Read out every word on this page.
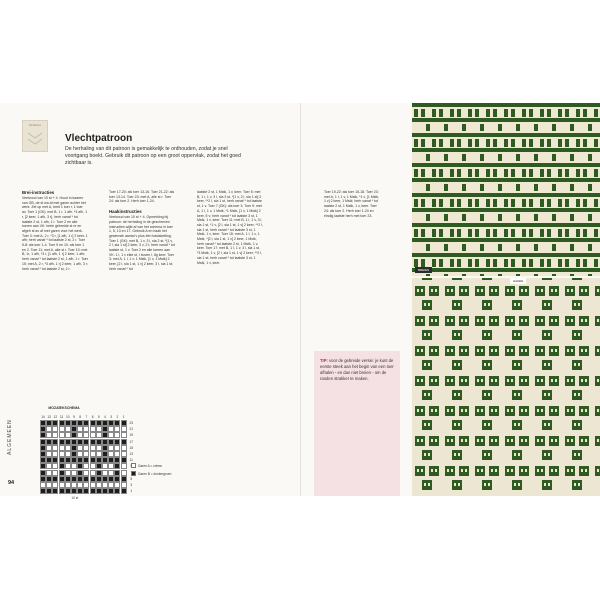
NIVEAU
Vlechtpatroon
De herhaling van dit patroon is gemakkelijk te onthouden, zodat je snel voortgang boekt. Gebruik dit patroon op een groot oppervlak, zodat het goed zichtbaar is.
Brei-instructies

Veelvoud van 10 st + 4. Houd in kaaren van GB, de st wa af met garen achter het werk. Zet op met A, breit 1 toer r, 1 toer av. Toer 1 (GK): met B, 1 r, 1 afh, *3 afh, 1 r, [2 keer, 1 afh, 3 r], herh vanaf * tot laatste 2 st, 1 afh, 1 r. Toer 2 en alle toeren aan VK: breie gebreide st re en afgeh st av af met garen voor het werk. Toer 3: met A, 2 r, *3 r, [1 afh, 1 r] 2 keer, 1 afh; herh vanaf * tot laatste 2 st, 2 r. Toer 5-8: als toer 1-4. Toer 9 en 10: als toer 1 en 2. Toer 11: met A, alle st r. Toer 13: met B, 1r, 1 afh, *3 r, [1 afh, 1 r] 2 keer, 1 afh; herh vanaf * tot laatste 2 st, 1 afh, 1 r. Toer 15: met A, 2 r, *3 afh, 1 r] 2 keer, 1 afh, 3 r; herh vanaf * tot laatste 2 st, 2 r.

Toer 17-20: als toer 13-16. Toer 21-22: als toer 13-14. Toer 23: met A, alle st r. Toer 24: als toer 2. Herh toer 1-24.

Haakinstructies

Veelvoud van 10 st + 4. Opmerking bij patroon: de herhaling in de geschreven instructies wijkt af van het schema in toer 1, 5, 13 en 17. Gebruik A en haak het gewenste aantal v plus één basisketting. Toer 1 (GK): met B, 1 v, 3 l, sla 2 st, *[1 v, 2 l, sla 1 st] 2 keer, 3 v, 2 l; herh vanaf * tot laatste st, 1 v. Toer 2 en alle toeren aan VK: 1 l, 1 v elke st, l boven l, 8g keer. Toer 3: met A, 1 l, 1 v, 1 Mstk, [1 v, 1 Mstk] 2 keer, [2 l, sla 1 st, 1 v] 2 keer, 3 l, sla 1 st; herh vanaf * tot

laatste 2 st, 1 Mstk, 1 v, keer. Toer 5: met B, 1 l, 1 v, 3 l, sla 3 st, *[1 v, 2 l, sla 1 st] 2 keer, **2 l, sla 1 st, herh vanaf * tot laatste st, 1 v. Toer 7 (GK): als toer 3. Toer 9: met A, 1 l, 1 v, 1 Mstk, *1 Mstk, [1 v, 1 Mstk] 2 keer, 5 v; herh vanaf * tot laatste 3 st, 1 Mstk, 1 v, keer. Toer 11: met B, 1 l, 1 v, 3 l, sla 1 st, *1 v, [2 l, sla 1 st, 1 v] 2 keer, **2 l, sla 1 st, herh vanaf * tot laatste 3 st, 1 Mstk, 1 v, keer. Toer 15: met A, 1 l, 1 v, 1 Mstk, *[2 l, sla 1 st, 1 v] 2 keer, 1 Mstk, herh vanaf * tot laatste 2 st, 1 Mstk, 1 v, keer. Toer 17: met B, 1 l, 1 v, 3 l, sla 1 st, *3 Mstk, 1 v, [2 l, sla 1 st, 1 v] 2 keer, **2 l, sla 1 st; herh vanaf * tot laatste 3 st, 1 Mstk, 1 v, keer.

Toer 19-22: als toer 15-18. Toer 23: met A, 1 l, 1 v, 1 Mstk, *1 v, [1 Mstk, 1 v] 2 keer, 1 Mstk; herh vanaf * tot laatste 2 st, 1 Mstk, 1 v, keer. Toer 24: als toer 2. Herh toer 1-24 en eindig laatste herh met toer 23.

MOZAÏEKSCHEMA
14 13 12 11 10	9	8	7	6	5	4	3	2	1
23
21
19
17
15
13
11
5
3
1
10 st
Garen A = crème
Garen B = donkergroen
ALGEMEEN
94

TIP: voor de gebreide versie: je kunt de eerste steek aan het begin van een toer afhalen - en dan niet breien - om de randen strakker te maken.

BREIEN
HAKEN
